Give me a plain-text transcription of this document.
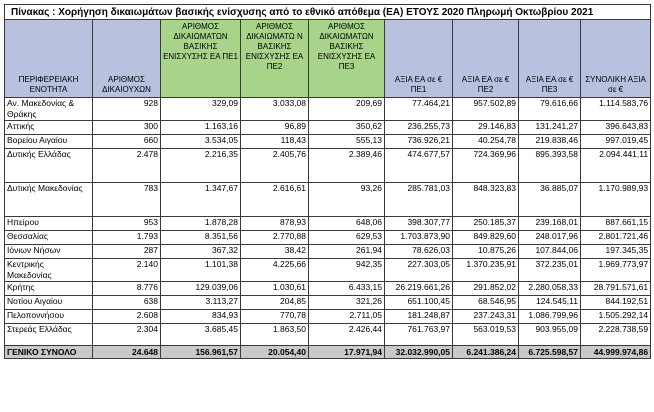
Πίνακας : Χορήγηση δικαιωμάτων βασικής ενίσχυσης από το εθνικό απόθεμα (ΕΑ) ΕΤΟΥΣ 2020 Πληρωμή Οκτωβρίου 2021								
ΠΕΡΙΦΕΡΕΙΑΚΗ ΕΝΟΤΗΤΑ	ΑΡΙΘΜΟΣ ΔΙΚΑΙΟΥΧΩΝ	ΑΡΙΘΜΟΣ ΔΙΚΑΙΩΜΑΤΩΝ ΒΑΣΙΚΗΣ ΕΝΙΣΧΥΣΗΣ ΕΑ ΠΕ1	ΑΡΙΘΜΟΣ ΔΙΚΑΙΩΜΑΤΩ Ν ΒΑΣΙΚΗΣ ΕΝΙΣΧΥΣΗΣ ΕΑ ΠΕ2	ΑΡΙΘΜΟΣ ΔΙΚΑΙΩΜΑΤΩΝ ΒΑΣΙΚΗΣ ΕΝΙΣΧΥΣΗΣ ΕΑ ΠΕ3	ΑΞΙΑ ΕΑ σε € ΠΕ1	ΑΞΙΑ ΕΑ σε € ΠΕ2	ΑΞΙΑ ΕΑ σε € ΠΕ3	ΣΥΝΟΛΙΚΗ ΑΞΙΑ σε €
Αν. Μακεδονίας & Θράκης	928	329,09	3.033,08	209,69	77.464,21	957.502,89	79.616,66	1.114.583,76
Αττικής	300	1.163,16	96,89	350,62	236.255,73	29.146,83	131.241,27	396.643,83
Βορείου Αιγαίου	660	3.534,05	118,43	555,13	736.926,21	40.254,78	219.838,46	997.019,45
Δυτικής Ελλάδας	2.478	2.216,35	2.405,76	2.389,46	474.677,57	724.369,96	895.393,58	2.094.441,11
Δυτικής Μακεδονίας	783	1.347,67	2.616,61	93,26	285.781,03	848.323,83	36.885,07	1.170.989,93
Ηπείρου	953	1.878,28	878,93	648,06	398.307,77	250.185,37	239.168,01	887.661,15
Θεσσαλίας	1.793	8.351,56	2.770,88	629,53	1.703.873,90	849.829,60	248.017,96	2.801.721,46
Ιόνιων Νήσων	287	367,32	38,42	261,94	78.626,03	10.875,26	107.844,06	197.345,35
Κεντρικής Μακεδονίας	2.140	1.101,38	4.225,66	942,35	227.303,05	1.370.235,91	372.235,01	1.969.773,97
Κρήτης	8.776	129.039,06	1.030,61	6.433,15	26.219.661,26	291.852,02	2.280.058,33	28.791.571,61
Νοτίου Αιγαίου	638	3.113,27	204,85	321,26	651.100,45	68.546,95	124.545,11	844.192,51
Πελοποννήσου	2.608	834,93	770,78	2.711,05	181.248,87	237.243,31	1.086.799,96	1.505.292,14
Στερεάς Ελλάδας	2.304	3.685,45	1.863,50	2.426,44	761.763,97	563.019,53	903.955,09	2.228.738,59
ΓΕΝΙΚΟ ΣΥΝΟΛΟ	24.648	156.961,57	20.054,40	17.971,94	32.032.990,05	6.241.386,24	6.725.598,57	44.999.974,86
